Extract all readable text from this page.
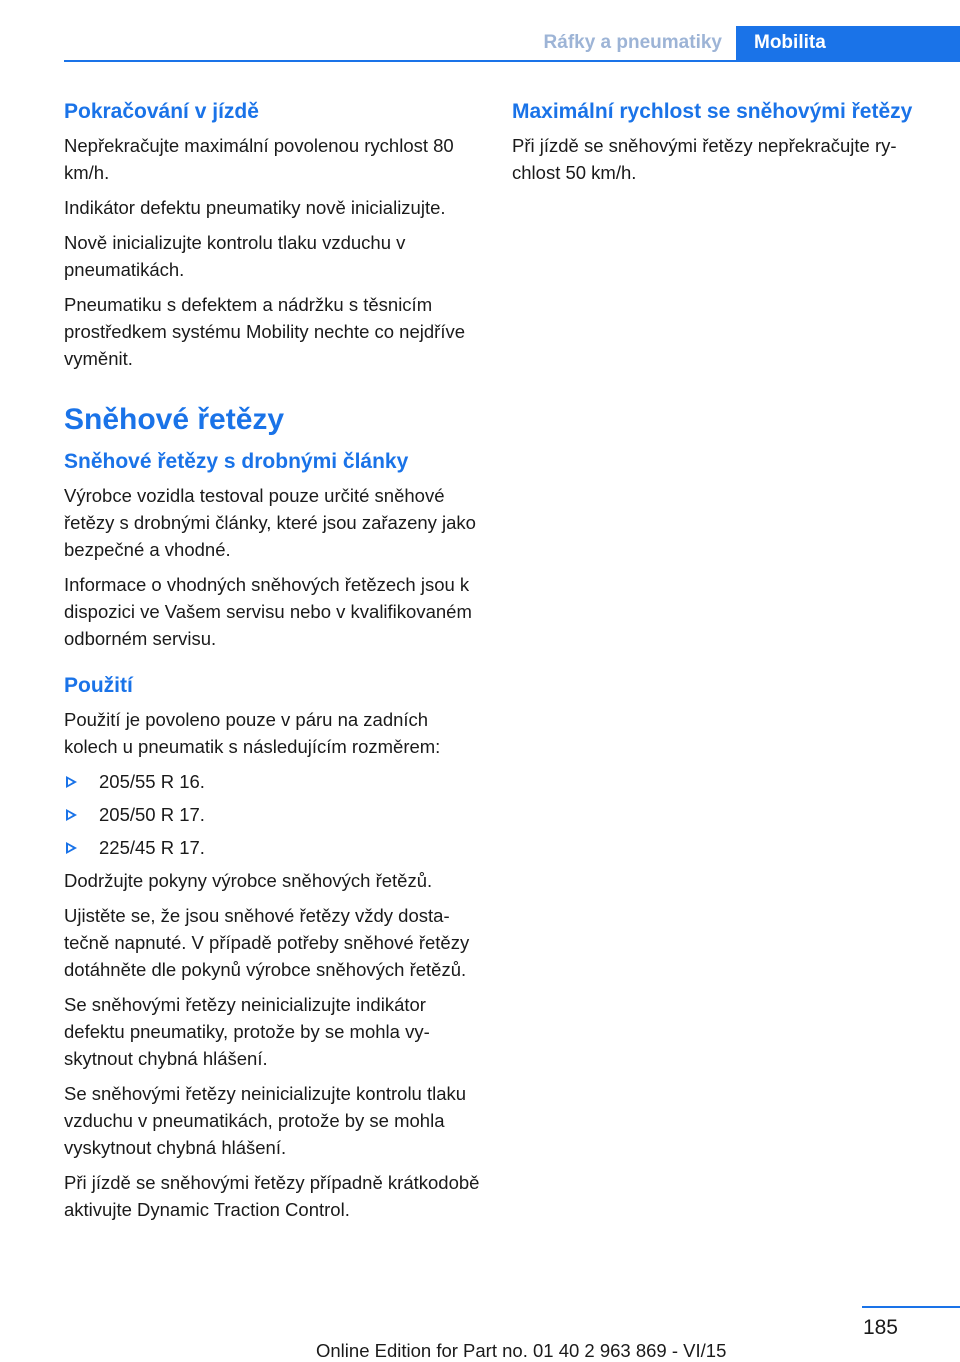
Ráfky a pneumatiky	Mobilita
Pokračování v jízdě

Nepřekračujte maximální povolenou rychlost 80 km/h.

Indikátor defektu pneumatiky nově inicializujte.

Nově inicializujte kontrolu tlaku vzduchu v pneumatikách.

Pneumatiku s defektem a nádržku s těsnicím prostředkem systému Mobility nechte co nejdříve vyměnit.

Sněhové řetězy
Sněhové řetězy s drobnými články

Výrobce vozidla testoval pouze určité sněhové řetězy s drobnými články, které jsou zařazeny jako bezpečné a vhodné.

Informace o vhodných sněhových řetězech jsou k dispozici ve Vašem servisu nebo v kvalifikovaném odborném servisu.

Použití

Použití je povoleno pouze v páru na zadních kolech u pneumatik s následujícím rozměrem:

205/55 R 16.
205/50 R 17.
225/45 R 17.

Dodržujte pokyny výrobce sněhových řetězů.

Ujistěte se, že jsou sněhové řetězy vždy dostatečně napnuté. V případě potřeby sněhové řetězy dotáhněte dle pokynů výrobce sněhových řetězů.

Se sněhovými řetězy neinicializujte indikátor defektu pneumatiky, protože by se mohla vyskytnout chybná hlášení.

Se sněhovými řetězy neinicializujte kontrolu tlaku vzduchu v pneumatikách, protože by se mohla vyskytnout chybná hlášení.

Při jízdě se sněhovými řetězy případně krátkodobě aktivujte Dynamic Traction Control.

Maximální rychlost se sněhovými řetězy

Při jízdě se sněhovými řetězy nepřekračujte rychlost 50 km/h.

185
Online Edition for Part no. 01 40 2 963 869 - VI/15
